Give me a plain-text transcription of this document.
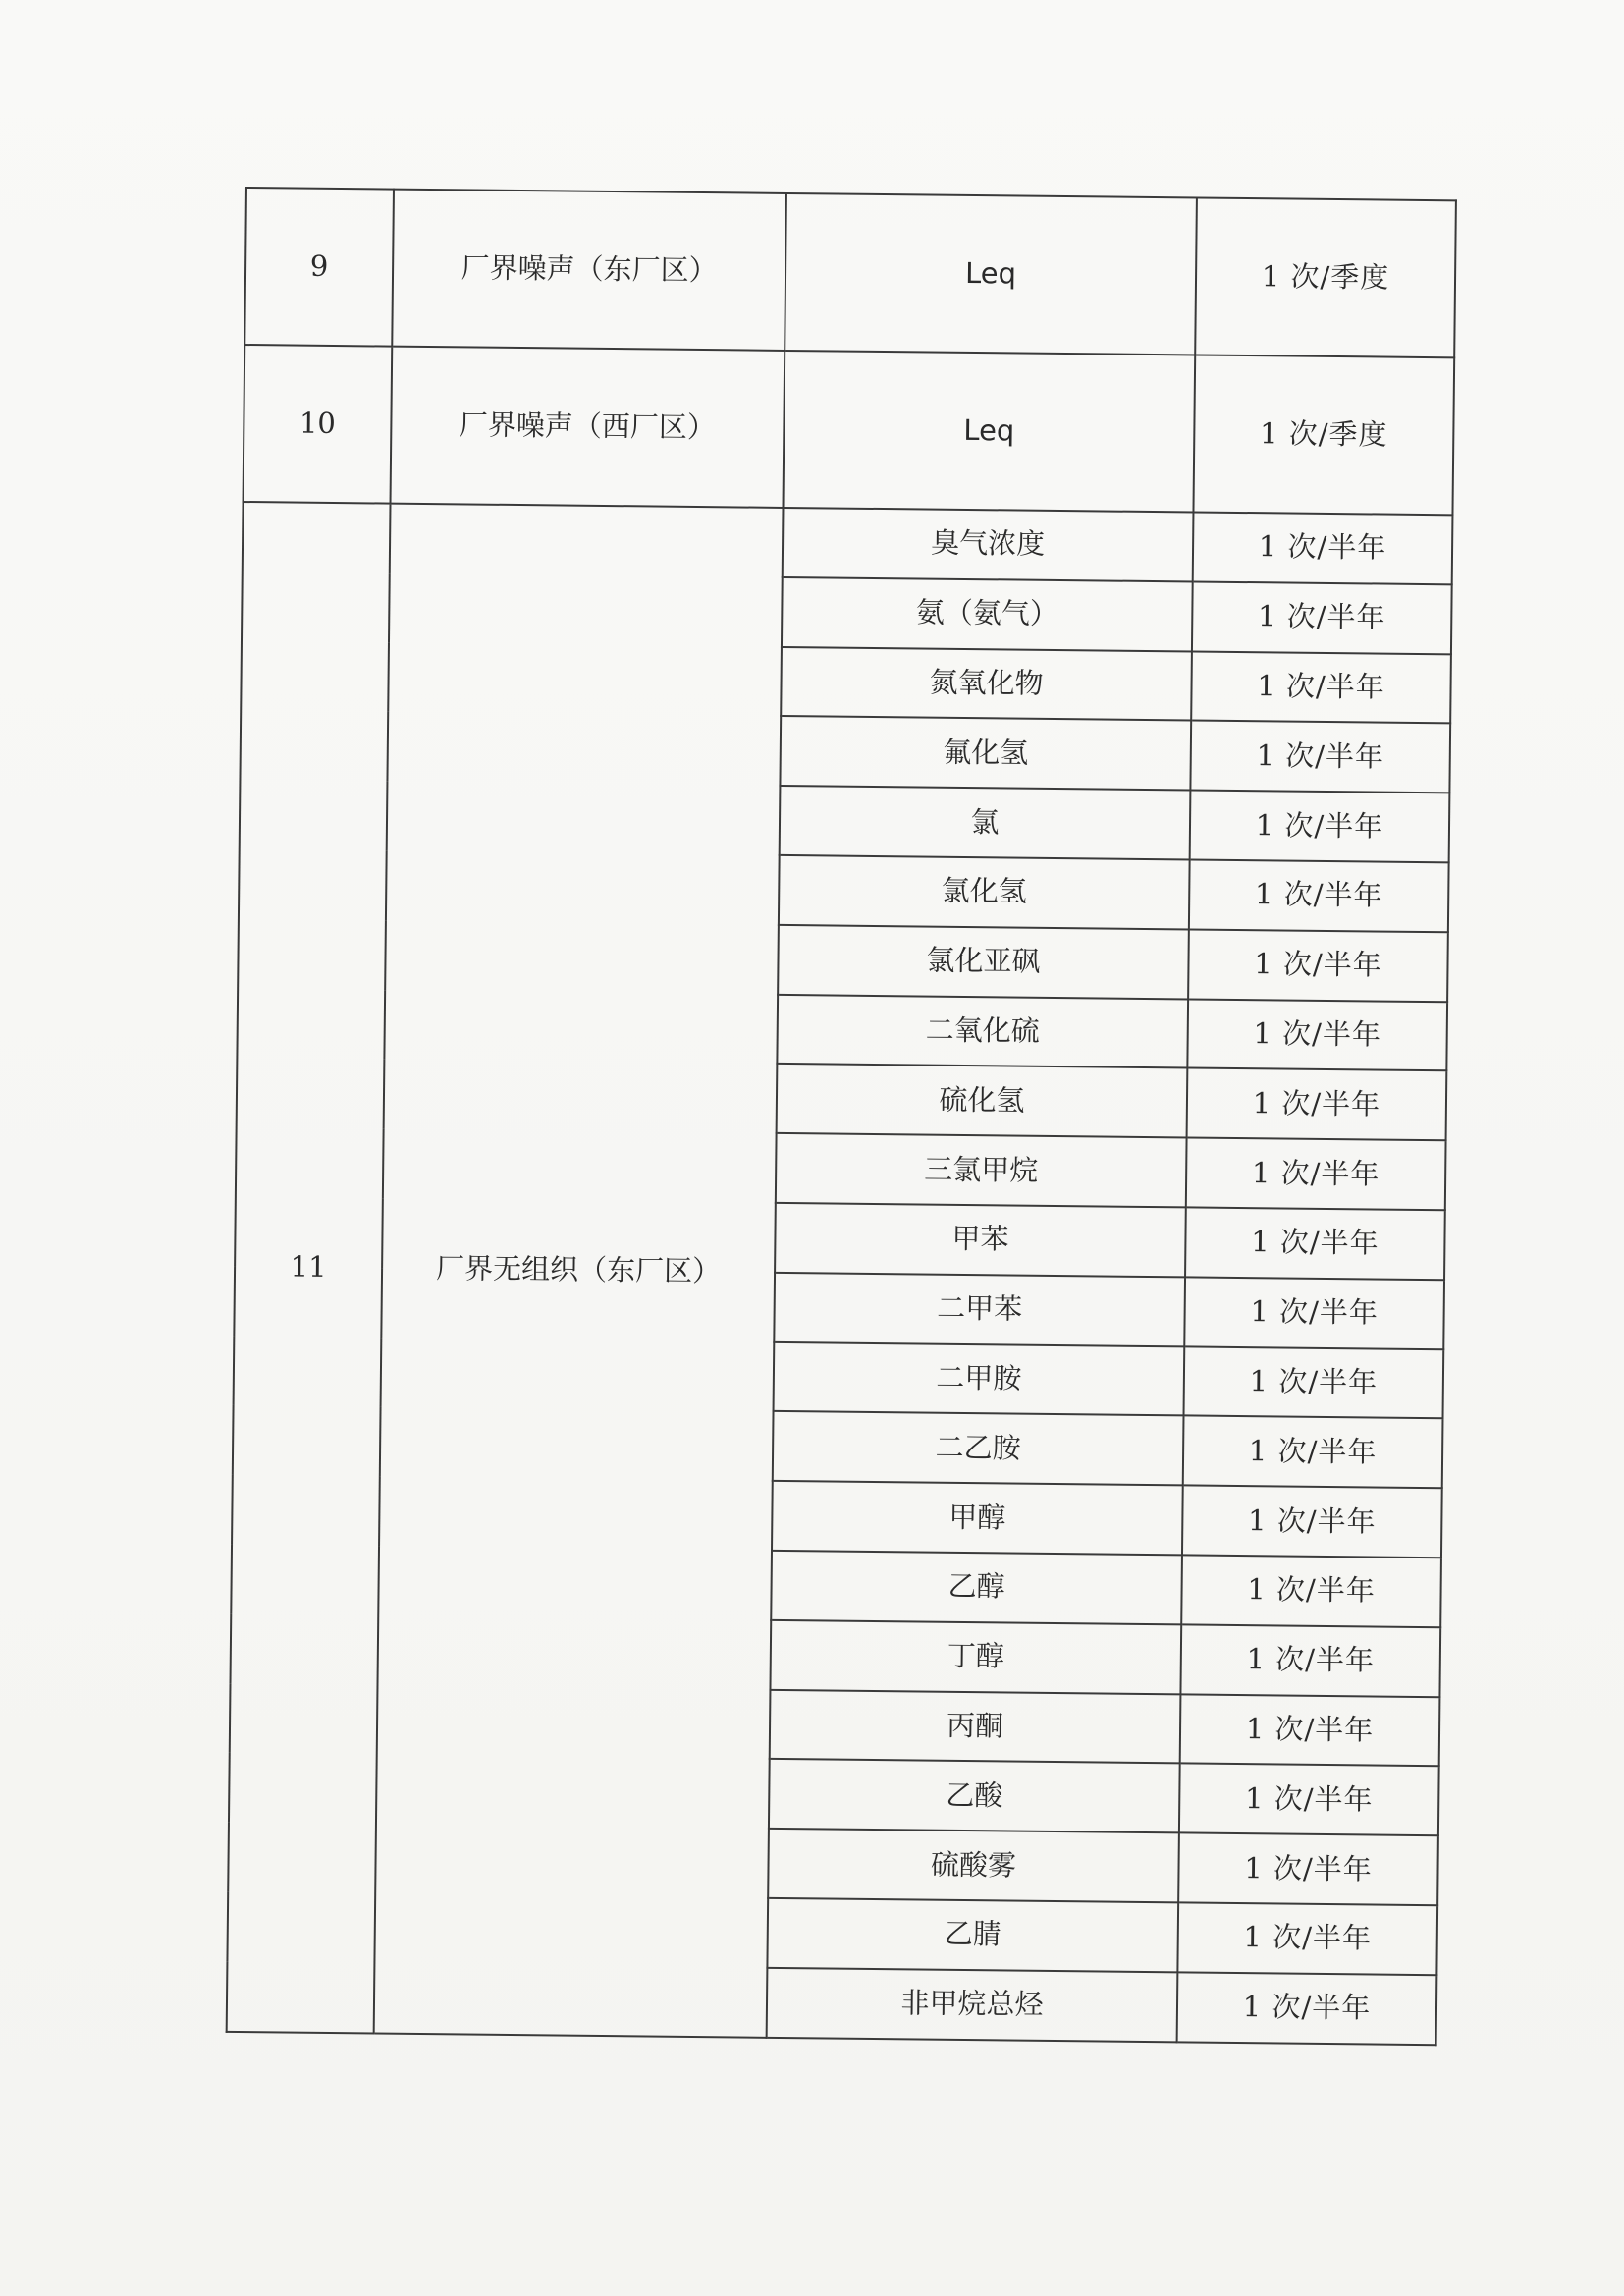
9	厂界噪声（东厂区）	Leq	1 次/季度
10	厂界噪声（西厂区）	Leq	1 次/季度
11	厂界无组织（东厂区）	臭气浓度	1 次/半年
		氨（氨气）	1 次/半年
		氮氧化物	1 次/半年
		氟化氢	1 次/半年
		氯	1 次/半年
		氯化氢	1 次/半年
		氯化亚砜	1 次/半年
		二氧化硫	1 次/半年
		硫化氢	1 次/半年
		三氯甲烷	1 次/半年
		甲苯	1 次/半年
		二甲苯	1 次/半年
		二甲胺	1 次/半年
		二乙胺	1 次/半年
		甲醇	1 次/半年
		乙醇	1 次/半年
		丁醇	1 次/半年
		丙酮	1 次/半年
		乙酸	1 次/半年
		硫酸雾	1 次/半年
		乙腈	1 次/半年
		非甲烷总烃	1 次/半年
